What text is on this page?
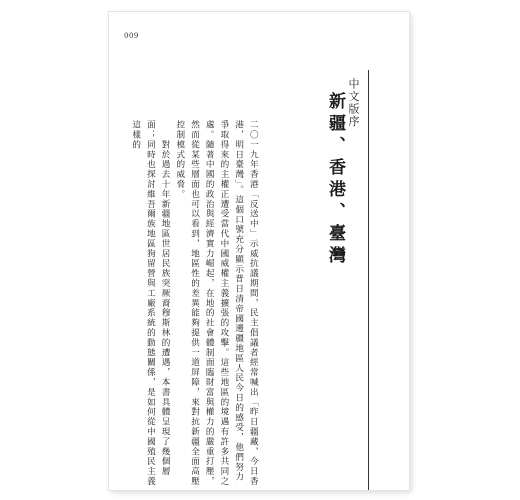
009
中文版序
新疆、香港、臺灣

二〇一九年香港「反送中」示威抗議期間，民主倡議者經常喊出「昨日疆藏，今日香港，明日臺灣」。這個口號充分顯示普日清帝國邊疆地區人民今日的感受，他們努力爭取得來的主權正遭受當代中國威權主義擴張的攻擊。這些地區的境遇有許多共同之處。隨著中國的政治與經濟實力崛起，在地的社會體制面臨財富與權力的嚴重打壓，然而從某些層面也可以看到，地區性的差異能夠提供一道屏障，來對抗新疆全面高壓控制模式的威脅。

　　對於過去十年新疆地區世居民族突厥裔穆斯林的遭遇，本書具體呈現了幾個層面；同時也探討維吾爾族地區狗留營與工廠系統的動態關係，是如何從中國殖民主義這樣的
